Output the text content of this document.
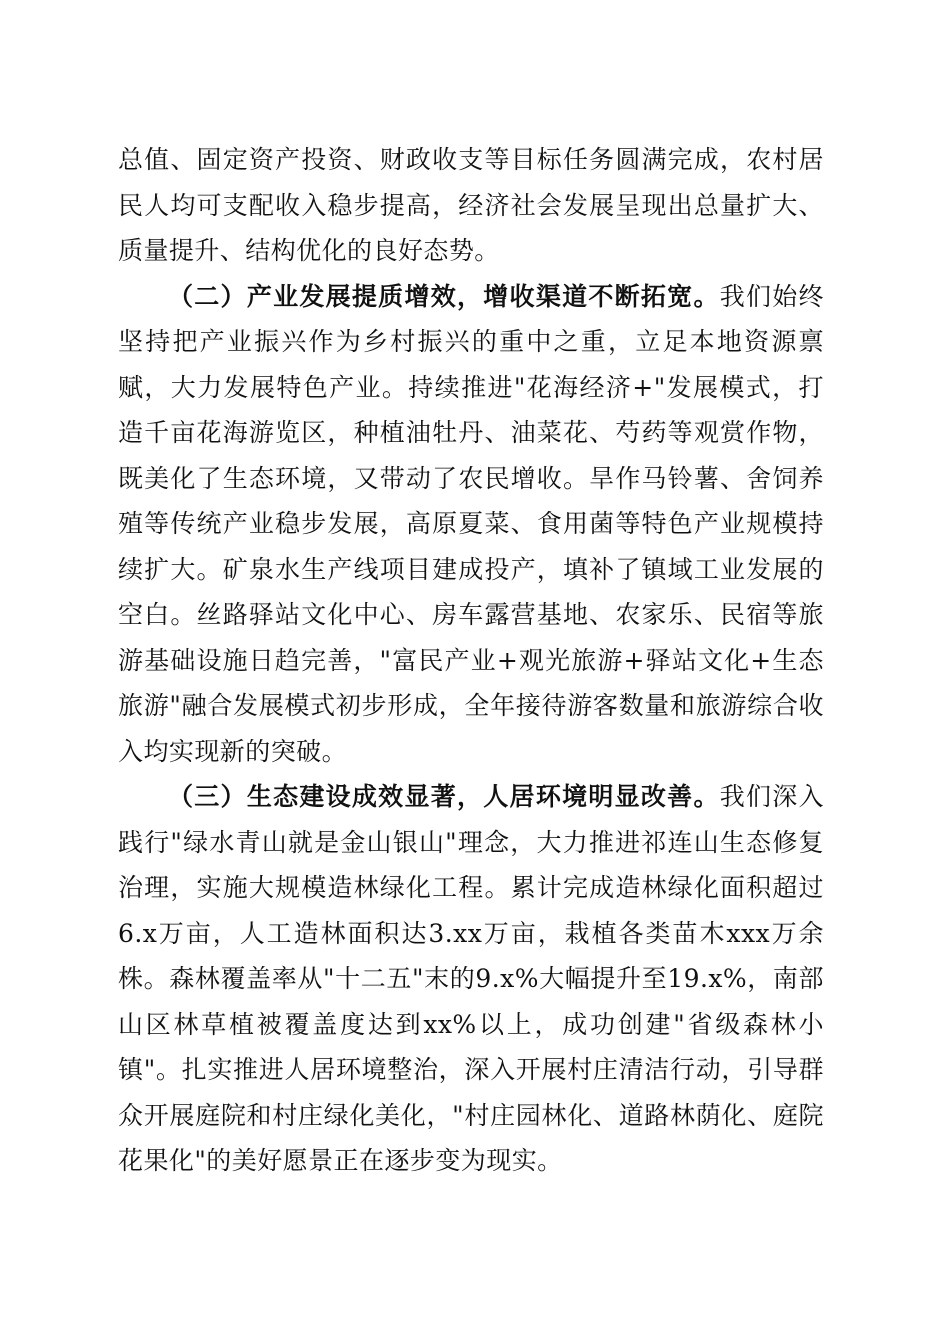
总值、固定资产投资、财政收支等目标任务圆满完成，农村居民人均可支配收入稳步提高，经济社会发展呈现出总量扩大、质量提升、结构优化的良好态势。

（二）产业发展提质增效，增收渠道不断拓宽。我们始终坚持把产业振兴作为乡村振兴的重中之重，立足本地资源禀赋，大力发展特色产业。持续推进"花海经济+"发展模式，打造千亩花海游览区，种植油牡丹、油菜花、芍药等观赏作物，既美化了生态环境，又带动了农民增收。旱作马铃薯、舍饲养殖等传统产业稳步发展，高原夏菜、食用菌等特色产业规模持续扩大。矿泉水生产线项目建成投产，填补了镇域工业发展的空白。丝路驿站文化中心、房车露营基地、农家乐、民宿等旅游基础设施日趋完善，"富民产业+观光旅游+驿站文化+生态旅游"融合发展模式初步形成，全年接待游客数量和旅游综合收入均实现新的突破。

（三）生态建设成效显著，人居环境明显改善。我们深入践行"绿水青山就是金山银山"理念，大力推进祁连山生态修复治理，实施大规模造林绿化工程。累计完成造林绿化面积超过6.x万亩，人工造林面积达3.xx万亩，栽植各类苗木xxx万余株。森林覆盖率从"十二五"末的9.x%大幅提升至19.x%，南部山区林草植被覆盖度达到xx%以上，成功创建"省级森林小镇"。扎实推进人居环境整治，深入开展村庄清洁行动，引导群众开展庭院和村庄绿化美化，"村庄园林化、道路林荫化、庭院花果化"的美好愿景正在逐步变为现实。
